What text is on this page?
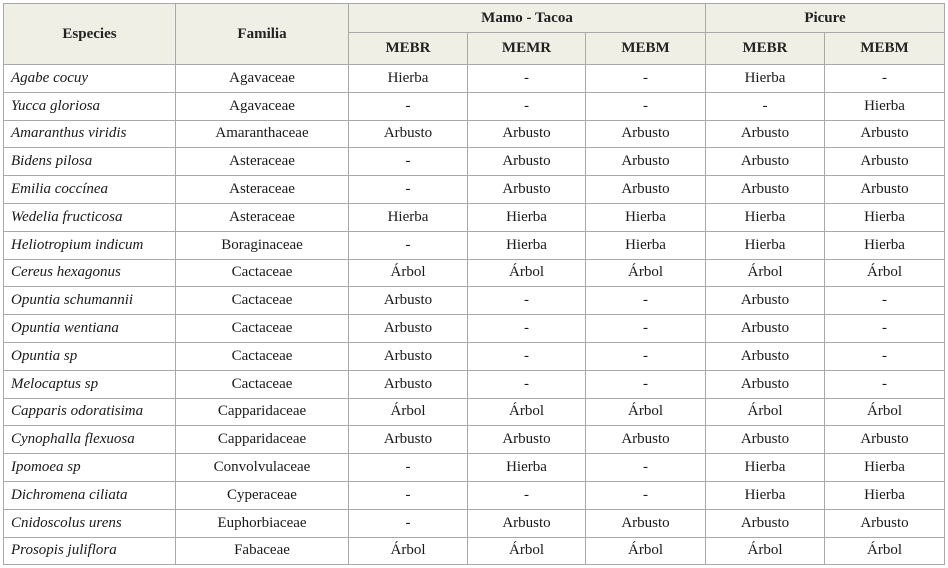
Especies	Familia	Mamo - Tacoa			Picure	
		MEBR	MEMR	MEBM	MEBR	MEBM
Agabe cocuy	Agavaceae	Hierba	-	-	Hierba	-
Yucca gloriosa	Agavaceae	-	-	-	-	Hierba
Amaranthus viridis	Amaranthaceae	Arbusto	Arbusto	Arbusto	Arbusto	Arbusto
Bidens pilosa	Asteraceae	-	Arbusto	Arbusto	Arbusto	Arbusto
Emilia coccínea	Asteraceae	-	Arbusto	Arbusto	Arbusto	Arbusto
Wedelia fructicosa	Asteraceae	Hierba	Hierba	Hierba	Hierba	Hierba
Heliotropium indicum	Boraginaceae	-	Hierba	Hierba	Hierba	Hierba
Cereus hexagonus	Cactaceae	Árbol	Árbol	Árbol	Árbol	Árbol
Opuntia schumannii	Cactaceae	Arbusto	-	-	Arbusto	-
Opuntia wentiana	Cactaceae	Arbusto	-	-	Arbusto	-
Opuntia sp	Cactaceae	Arbusto	-	-	Arbusto	-
Melocaptus sp	Cactaceae	Arbusto	-	-	Arbusto	-
Capparis odoratisima	Capparidaceae	Árbol	Árbol	Árbol	Árbol	Árbol
Cynophalla flexuosa	Capparidaceae	Arbusto	Arbusto	Arbusto	Arbusto	Arbusto
Ipomoea sp	Convolvulaceae	-	Hierba	-	Hierba	Hierba
Dichromena ciliata	Cyperaceae	-	-	-	Hierba	Hierba
Cnidoscolus urens	Euphorbiaceae	-	Arbusto	Arbusto	Arbusto	Arbusto
Prosopis juliflora	Fabaceae	Árbol	Árbol	Árbol	Árbol	Árbol
